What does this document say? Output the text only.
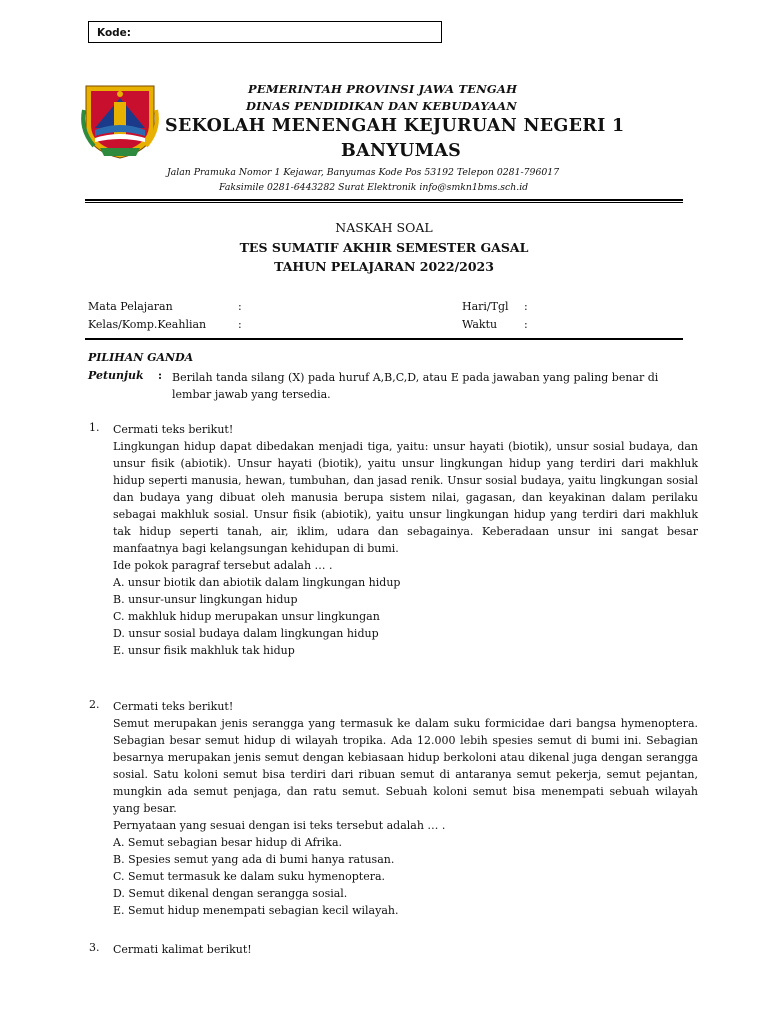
Kode:
PEMERINTAH PROVINSI JAWA TENGAH
DINAS PENDIDIKAN DAN KEBUDAYAAN
SEKOLAH MENENGAH KEJURUAN NEGERI 1
BANYUMAS
Jalan Pramuka Nomor 1 Kejawar, Banyumas Kode Pos 53192 Telepon 0281-796017
Faksimile 0281-6443282 Surat Elektronik info@smkn1bms.sch.id
NASKAH SOAL
TES SUMATIF AKHIR SEMESTER GASAL
TAHUN PELAJARAN 2022/2023
Mata Pelajaran	:
Kelas/Komp.Keahlian	:
Hari/Tgl :
Waktu :
PILIHAN GANDA
Petunjuk : Berilah tanda silang (X) pada huruf A,B,C,D, atau E pada jawaban yang paling benar di lembar jawab yang tersedia.
1. Cermati teks berikut!

Lingkungan hidup dapat dibedakan menjadi tiga, yaitu: unsur hayati (biotik), unsur sosial budaya, dan unsur fisik (abiotik). Unsur hayati (biotik), yaitu unsur lingkungan hidup yang terdiri dari makhluk hidup seperti manusia, hewan, tumbuhan, dan jasad renik. Unsur sosial budaya, yaitu lingkungan sosial dan budaya yang dibuat oleh manusia berupa sistem nilai, gagasan, dan keyakinan dalam perilaku sebagai makhluk sosial. Unsur fisik (abiotik), yaitu unsur lingkungan hidup yang terdiri dari makhluk tak hidup seperti tanah, air, iklim, udara dan sebagainya. Keberadaan unsur ini sangat besar manfaatnya bagi kelangsungan kehidupan di bumi.

Ide pokok paragraf tersebut adalah … .

A. unsur biotik dan abiotik dalam lingkungan hidup

B. unsur-unsur lingkungan hidup

C. makhluk hidup merupakan unsur lingkungan

D. unsur sosial budaya dalam lingkungan hidup

E. unsur fisik makhluk tak hidup

2. Cermati teks berikut!

Semut merupakan jenis serangga yang termasuk ke dalam suku formicidae dari bangsa hymenoptera. Sebagian besar semut hidup di wilayah tropika. Ada 12.000 lebih spesies semut di bumi ini. Sebagian besarnya merupakan jenis semut dengan kebiasaan hidup berkoloni atau dikenal juga dengan serangga sosial. Satu koloni semut bisa terdiri dari ribuan semut di antaranya semut pekerja, semut pejantan, mungkin ada semut penjaga, dan ratu semut. Sebuah koloni semut bisa menempati sebuah wilayah yang besar.

Pernyataan yang sesuai dengan isi teks tersebut adalah … .

A. Semut sebagian besar hidup di Afrika.

B. Spesies semut yang ada di bumi hanya ratusan.

C. Semut termasuk ke dalam suku hymenoptera.

D. Semut dikenal dengan serangga sosial.

E. Semut hidup menempati sebagian kecil wilayah.

3. Cermati kalimat berikut!
